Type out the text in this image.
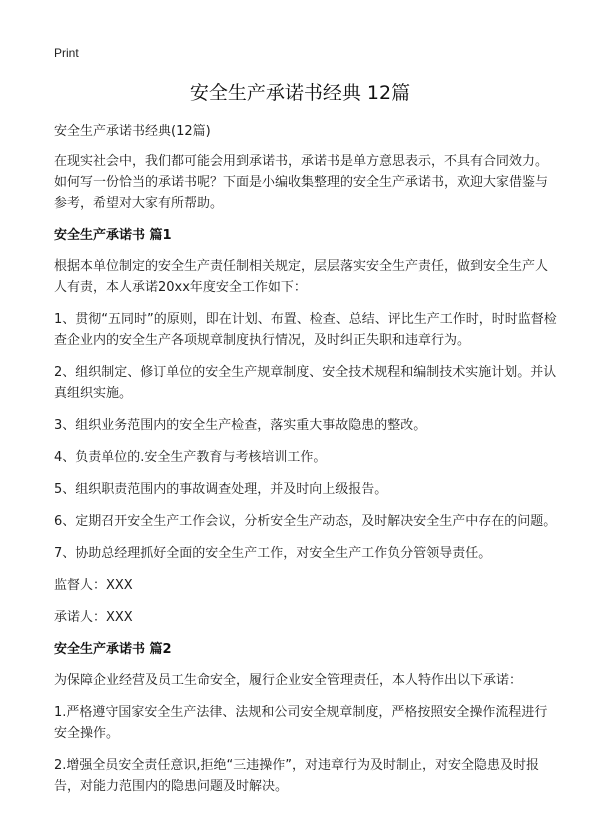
Print
安全生产承诺书经典 12篇

安全生产承诺书经典(12篇)

在现实社会中，我们都可能会用到承诺书，承诺书是单方意思表示，不具有合同效力。如何写一份恰当的承诺书呢？下面是小编收集整理的安全生产承诺书，欢迎大家借鉴与参考，希望对大家有所帮助。

安全生产承诺书 篇1

根据本单位制定的安全生产责任制相关规定，层层落实安全生产责任，做到安全生产人人有责，本人承诺20xx年度安全工作如下：

1、贯彻“五同时”的原则，即在计划、布置、检查、总结、评比生产工作时，时时监督检查企业内的安全生产各项规章制度执行情况，及时纠正失职和违章行为。

2、组织制定、修订单位的安全生产规章制度、安全技术规程和编制技术实施计划。并认真组织实施。

3、组织业务范围内的安全生产检查，落实重大事故隐患的整改。

4、负责单位的.安全生产教育与考核培训工作。

5、组织职责范围内的事故调查处理，并及时向上级报告。

6、定期召开安全生产工作会议，分析安全生产动态，及时解决安全生产中存在的问题。

7、协助总经理抓好全面的安全生产工作，对安全生产工作负分管领导责任。

监督人：XXX

承诺人：XXX

安全生产承诺书 篇2

为保障企业经营及员工生命安全，履行企业安全管理责任，本人特作出以下承诺：

1.严格遵守国家安全生产法律、法规和公司安全规章制度，严格按照安全操作流程进行安全操作。

2.增强全员安全责任意识,拒绝“三违操作”，对违章行为及时制止，对安全隐患及时报告，对能力范围内的隐患问题及时解决。
